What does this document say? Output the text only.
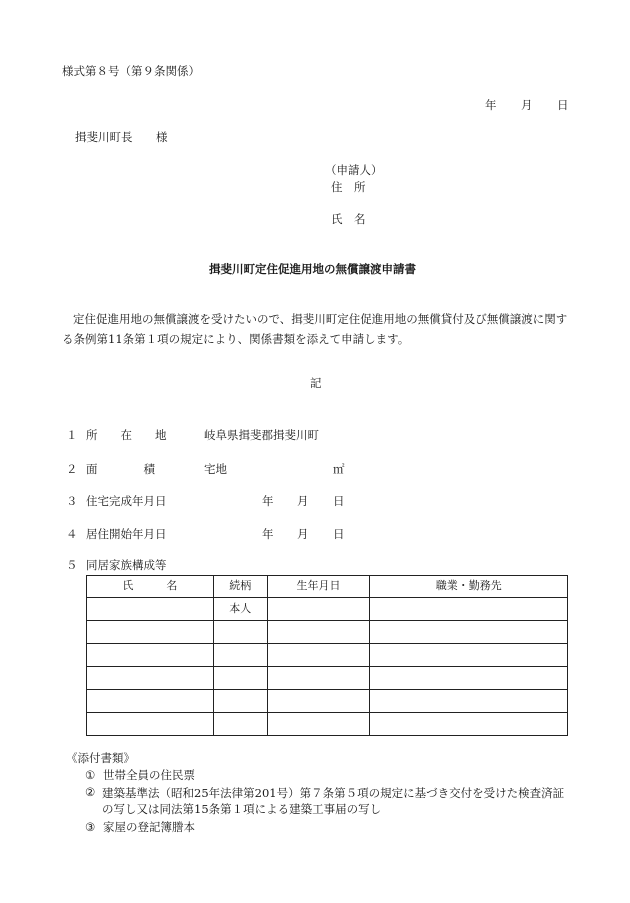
様式第８号（第９条関係）
年 月 日
揖斐川町長 様
（申請人）
住　所
氏　名
揖斐川町定住促進用地の無償譲渡申請書
定住促進用地の無償譲渡を受けたいので、揖斐川町定住促進用地の無償貸付及び無償譲渡に関する条例第11条第１項の規定により、関係書類を添えて申請します。
記
１ 所　　在　　地	岐阜県揖斐郡揖斐川町
２ 面　　　　積	宅地	㎡
３ 住宅完成年月日	年 月 日
４ 居住開始年月日	年 月 日
５ 同居家族構成等
氏　　　名	続柄	生年月日	職業・勤務先
	本人		

《添付書類》
① 世帯全員の住民票
② 建築基準法（昭和25年法律第201号）第７条第５項の規定に基づき交付を受けた検査済証の写し又は同法第15条第１項による建築工事届の写し
③ 家屋の登記簿謄本
